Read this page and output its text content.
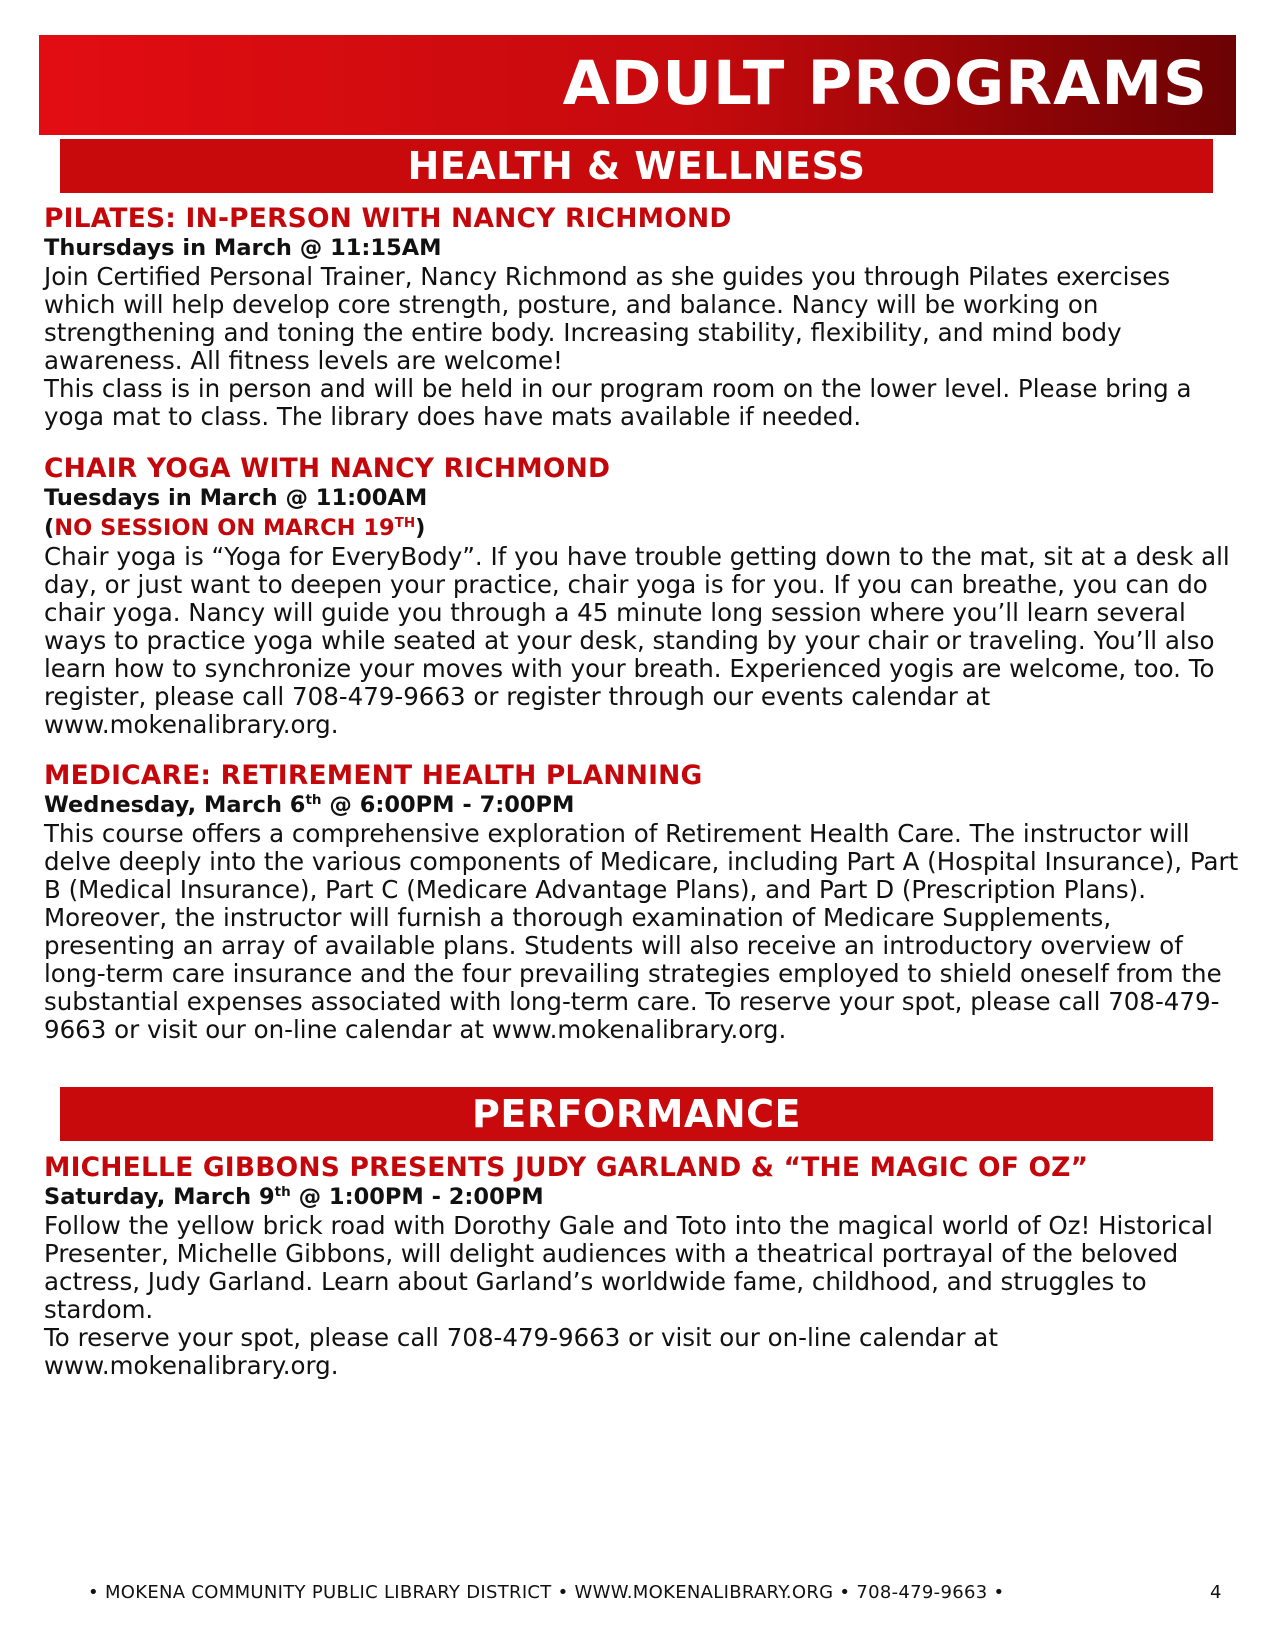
ADULT PROGRAMS
HEALTH & WELLNESS
PILATES: IN-PERSON WITH NANCY RICHMOND
Thursdays in March @ 11:15AM

Join Certified Personal Trainer, Nancy Richmond as she guides you through Pilates exercises which will help develop core strength, posture, and balance. Nancy will be working on strengthening and toning the entire body. Increasing stability, flexibility, and mind body awareness. All fitness levels are welcome!

This class is in person and will be held in our program room on the lower level. Please bring a yoga mat to class. The library does have mats available if needed.

CHAIR YOGA WITH NANCY RICHMOND
Tuesdays in March @ 11:00AM
(NO SESSION ON MARCH 19TH)

Chair yoga is “Yoga for EveryBody”. If you have trouble getting down to the mat, sit at a desk all day, or just want to deepen your practice, chair yoga is for you. If you can breathe, you can do chair yoga. Nancy will guide you through a 45 minute long session where you’ll learn several ways to practice yoga while seated at your desk, standing by your chair or traveling. You’ll also learn how to synchronize your moves with your breath. Experienced yogis are welcome, too. To register, please call 708-479-9663 or register through our events calendar at www.mokenalibrary.org.

MEDICARE: RETIREMENT HEALTH PLANNING
Wednesday, March 6th @ 6:00PM - 7:00PM

This course offers a comprehensive exploration of Retirement Health Care. The instructor will delve deeply into the various components of Medicare, including Part A (Hospital Insurance), Part B (Medical Insurance), Part C (Medicare Advantage Plans), and Part D (Prescription Plans). Moreover, the instructor will furnish a thorough examination of Medicare Supplements, presenting an array of available plans. Students will also receive an introductory overview of long-term care insurance and the four prevailing strategies employed to shield oneself from the substantial expenses associated with long-term care. To reserve your spot, please call 708-479-9663 or visit our on-line calendar at www.mokenalibrary.org.

PERFORMANCE
MICHELLE GIBBONS PRESENTS JUDY GARLAND & “THE MAGIC OF OZ”
Saturday, March 9th @ 1:00PM - 2:00PM

Follow the yellow brick road with Dorothy Gale and Toto into the magical world of Oz! Historical Presenter, Michelle Gibbons, will delight audiences with a theatrical portrayal of the beloved actress, Judy Garland. Learn about Garland’s worldwide fame, childhood, and struggles to stardom.

To reserve your spot, please call 708-479-9663 or visit our on-line calendar at www.mokenalibrary.org.

• MOKENA COMMUNITY PUBLIC LIBRARY DISTRICT • WWW.MOKENALIBRARY.ORG • 708-479-9663 •	4
